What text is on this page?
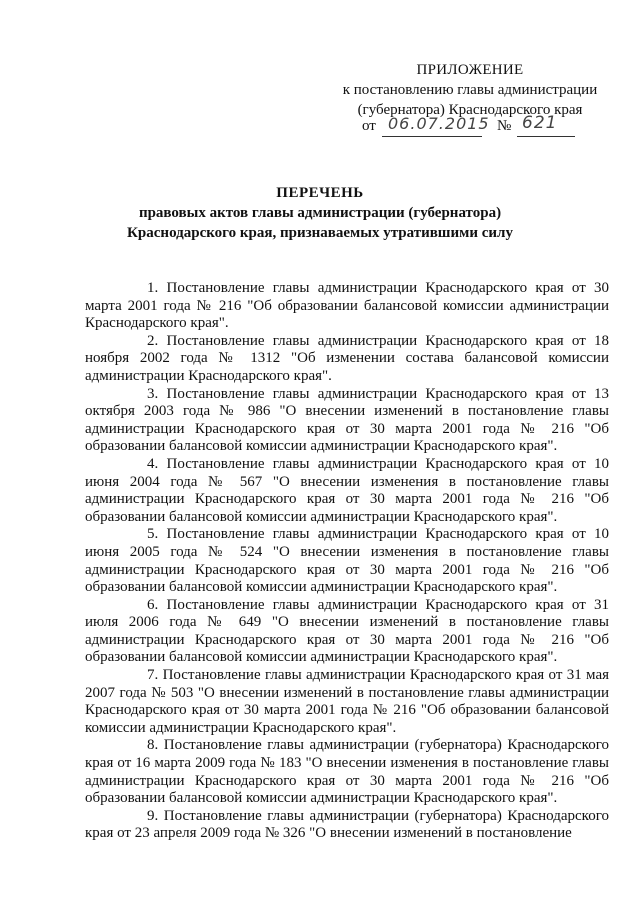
ПРИЛОЖЕНИЕ
к постановлению главы администрации
(губернатора) Краснодарского края
от 06.07.2015 № 621
ПЕРЕЧЕНЬ
правовых актов главы администрации (губернатора)
Краснодарского края, признаваемых утратившими силу

1 . Постановление главы администрации Краснодарского края от 30 марта 2001 года № 216 "Об образовании балансовой комиссии администрации Краснодарского края".

2 . Постановление главы администрации Краснодарского края от 18 ноября 2002 года № 1312 "Об изменении состава балансовой комиссии администрации Краснодарского края".

3 . Постановление главы администрации Краснодарского края от 13 октября 2003 года № 986 "О внесении изменений в постановление главы администрации Краснодарского края от 30 марта 2001 года № 216 "Об образовании балансовой комиссии администрации Краснодарского края".

4 . Постановление главы администрации Краснодарского края от 10 июня 2004 года № 567 "О внесении изменения в постановление главы администрации Краснодарского края от 30 марта 2001 года № 216 "Об образовании балансовой комиссии администрации Краснодарского края".

5 . Постановление главы администрации Краснодарского края от 10 июня 2005 года № 524 "О внесении изменения в постановление главы администрации Краснодарского края от 30 марта 2001 года № 216 "Об образовании балансовой комиссии администрации Краснодарского края".

6 . Постановление главы администрации Краснодарского края от 31 июля 2006 года № 649 "О внесении изменений в постановление главы администрации Краснодарского края от 30 марта 2001 года № 216 "Об образовании балансовой комиссии администрации Краснодарского края".

7 . Постановление главы администрации Краснодарского края от 31 мая 2007 года № 503 "О внесении изменений в постановление главы администрации Краснодарского края от 30 марта 2001 года № 216 "Об образовании балансовой комиссии администрации Краснодарского края".

8 . Постановление главы администрации (губернатора) Краснодарского края от 16 марта 2009 года № 183 "О внесении изменения в постановление главы администрации Краснодарского края от 30 марта 2001 года № 216 "Об образовании балансовой комиссии администрации Краснодарского края".

9 . Постановление главы администрации (губернатора) Краснодарского края от 23 апреля 2009 года № 326 "О внесении изменений в постановление
